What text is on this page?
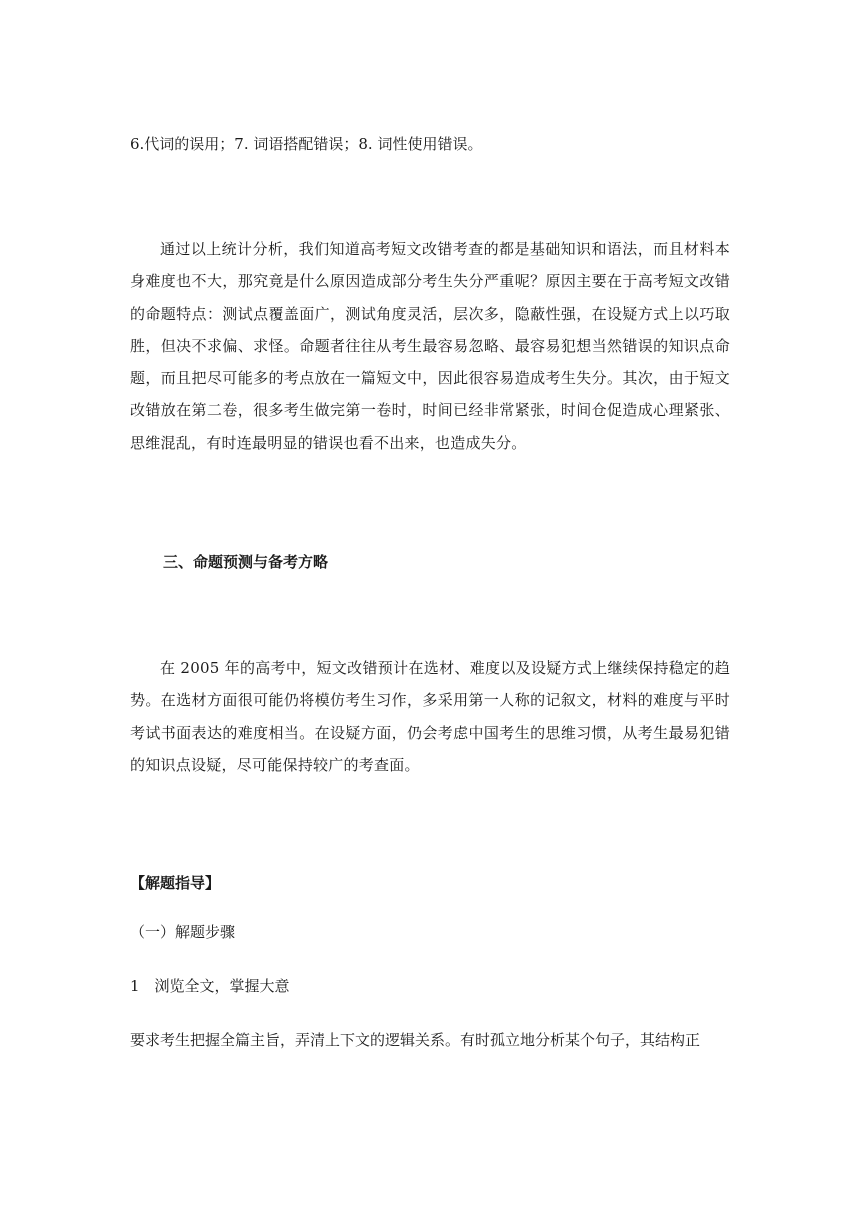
6.代词的误用；7. 词语搭配错误；8. 词性使用错误。
通过以上统计分析，我们知道高考短文改错考查的都是基础知识和语法，而且材料本身难度也不大，那究竟是什么原因造成部分考生失分严重呢？原因主要在于高考短文改错的命题特点：测试点覆盖面广，测试角度灵活，层次多，隐蔽性强，在设疑方式上以巧取胜，但决不求偏、求怪。命题者往往从考生最容易忽略、最容易犯想当然错误的知识点命题，而且把尽可能多的考点放在一篇短文中，因此很容易造成考生失分。其次，由于短文改错放在第二卷，很多考生做完第一卷时，时间已经非常紧张，时间仓促造成心理紧张、思维混乱，有时连最明显的错误也看不出来，也造成失分。
三、命题预测与备考方略
在 2005 年的高考中，短文改错预计在选材、难度以及设疑方式上继续保持稳定的趋势。在选材方面很可能仍将模仿考生习作，多采用第一人称的记叙文，材料的难度与平时考试书面表达的难度相当。在设疑方面，仍会考虑中国考生的思维习惯，从考生最易犯错的知识点设疑，尽可能保持较广的考查面。
【解题指导】
（一）解题步骤
1　浏览全文，掌握大意
要求考生把握全篇主旨，弄清上下文的逻辑关系。有时孤立地分析某个句子，其结构正
